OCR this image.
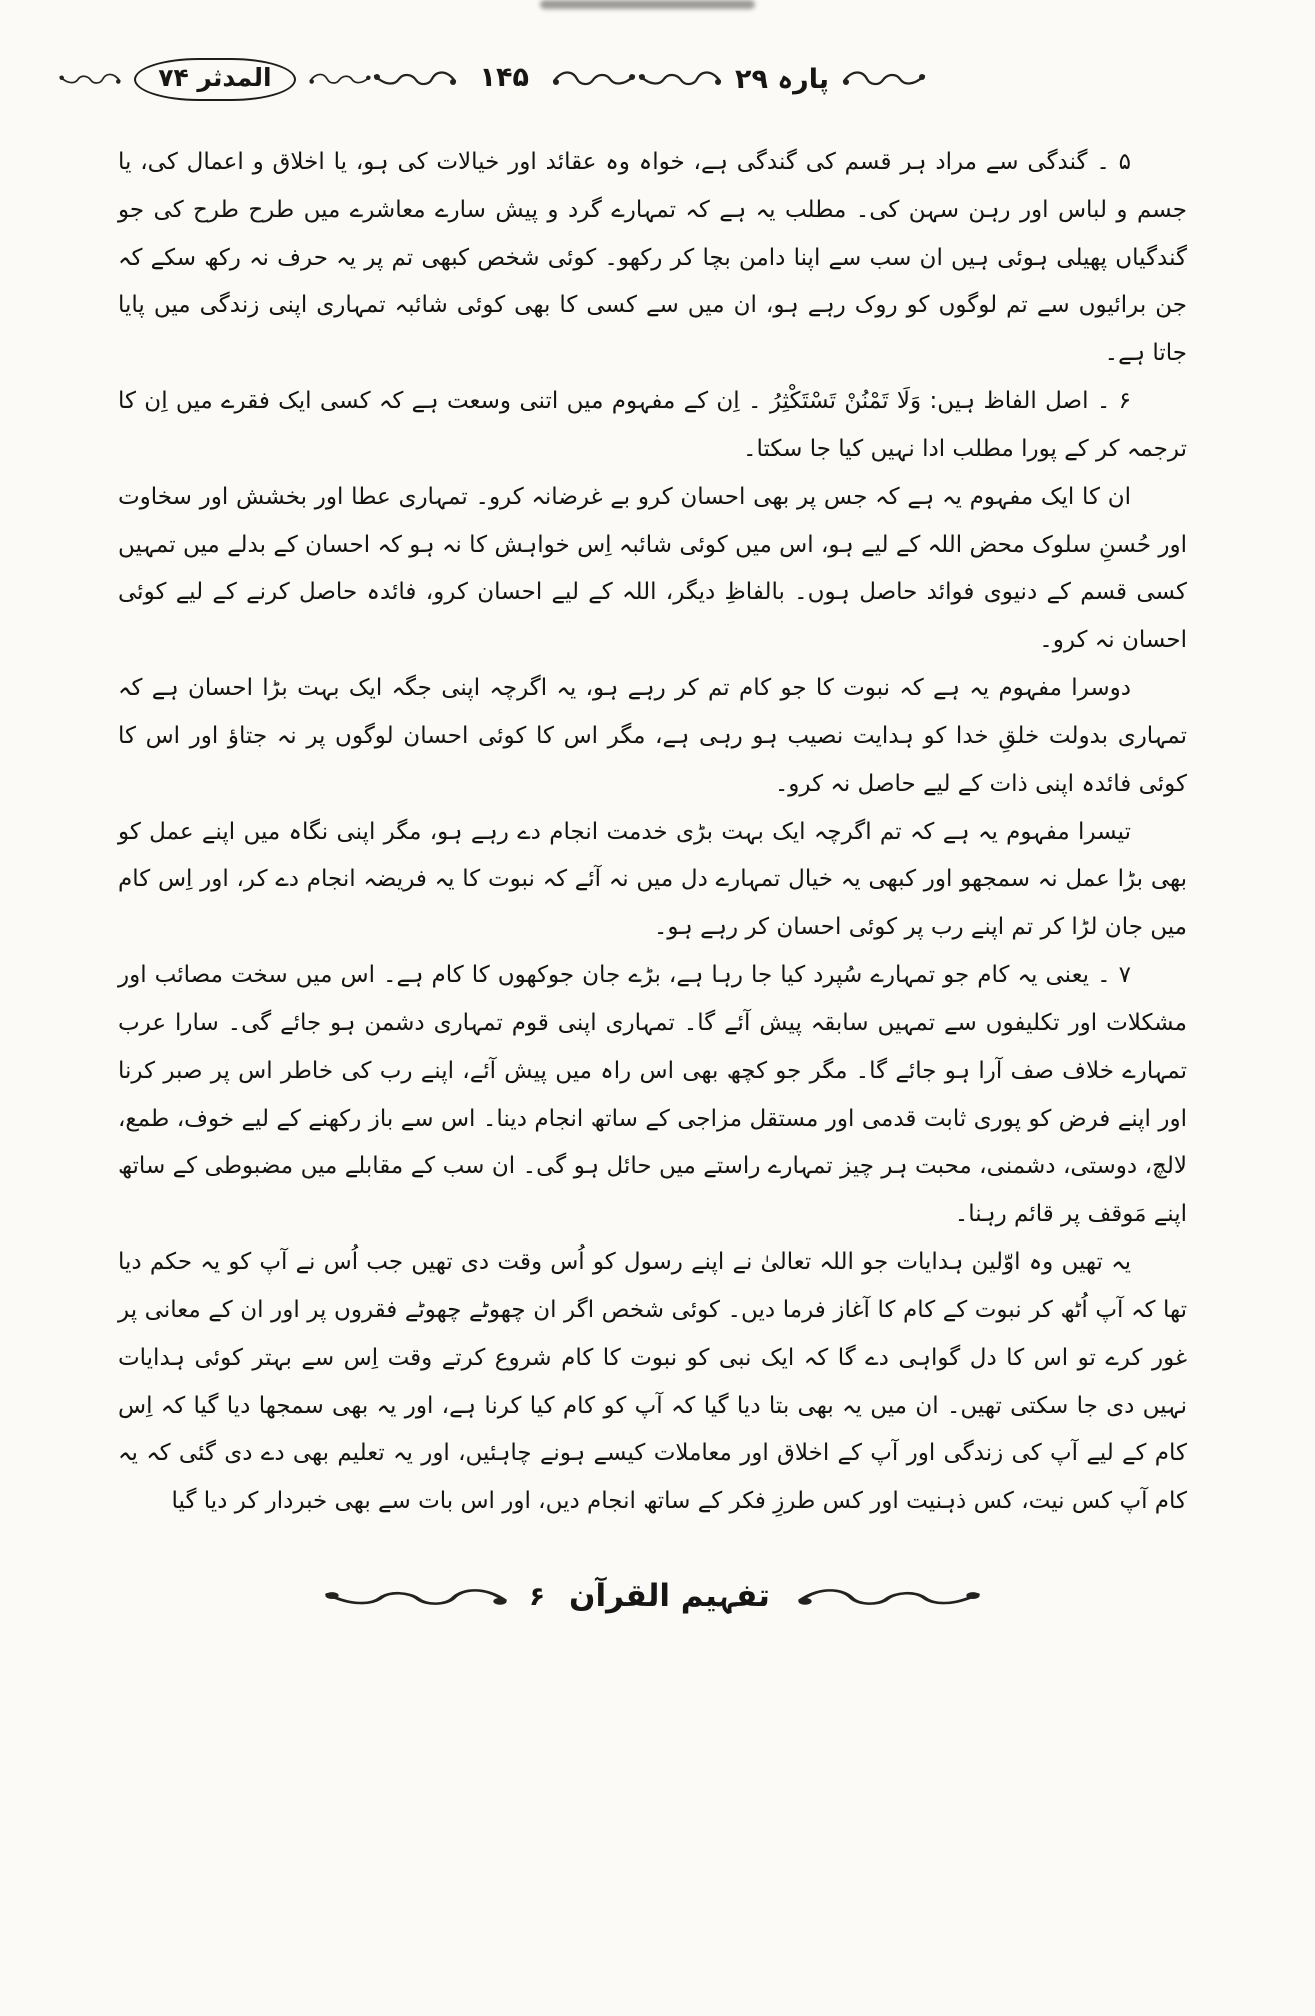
پارہ ۲۹
۱۴۵
المدثر ۷۴

۵ ۔ گندگی سے مراد ہر قسم کی گندگی ہے، خواہ وہ عقائد اور خیالات کی ہو، یا اخلاق و اعمال کی، یا جسم و لباس اور رہن سہن کی۔ مطلب یہ ہے کہ تمہارے گرد و پیش سارے معاشرے میں طرح طرح کی جو گندگیاں پھیلی ہوئی ہیں ان سب سے اپنا دامن بچا کر رکھو۔ کوئی شخص کبھی تم پر یہ حرف نہ رکھ سکے کہ جن برائیوں سے تم لوگوں کو روک رہے ہو، ان میں سے کسی کا بھی کوئی شائبہ تمہاری اپنی زندگی میں پایا جاتا ہے۔

۶ ۔ اصل الفاظ ہیں: وَلَا تَمْنُنْ تَسْتَکْثِرُ ۔ اِن کے مفہوم میں اتنی وسعت ہے کہ کسی ایک فقرے میں اِن کا ترجمہ کر کے پورا مطلب ادا نہیں کیا جا سکتا۔

ان کا ایک مفہوم یہ ہے کہ جس پر بھی احسان کرو بے غرضانہ کرو۔ تمہاری عطا اور بخشش اور سخاوت اور حُسنِ سلوک محض اللہ کے لیے ہو، اس میں کوئی شائبہ اِس خواہش کا نہ ہو کہ احسان کے بدلے میں تمہیں کسی قسم کے دنیوی فوائد حاصل ہوں۔ بالفاظِ دیگر، اللہ کے لیے احسان کرو، فائدہ حاصل کرنے کے لیے کوئی احسان نہ کرو۔

دوسرا مفہوم یہ ہے کہ نبوت کا جو کام تم کر رہے ہو، یہ اگرچہ اپنی جگہ ایک بہت بڑا احسان ہے کہ تمہاری بدولت خلقِ خدا کو ہدایت نصیب ہو رہی ہے، مگر اس کا کوئی احسان لوگوں پر نہ جتاؤ اور اس کا کوئی فائدہ اپنی ذات کے لیے حاصل نہ کرو۔

تیسرا مفہوم یہ ہے کہ تم اگرچہ ایک بہت بڑی خدمت انجام دے رہے ہو، مگر اپنی نگاہ میں اپنے عمل کو بھی بڑا عمل نہ سمجھو اور کبھی یہ خیال تمہارے دل میں نہ آئے کہ نبوت کا یہ فریضہ انجام دے کر، اور اِس کام میں جان لڑا کر تم اپنے رب پر کوئی احسان کر رہے ہو۔

۷ ۔ یعنی یہ کام جو تمہارے سُپرد کیا جا رہا ہے، بڑے جان جوکھوں کا کام ہے۔ اس میں سخت مصائب اور مشکلات اور تکلیفوں سے تمہیں سابقہ پیش آئے گا۔ تمہاری اپنی قوم تمہاری دشمن ہو جائے گی۔ سارا عرب تمہارے خلاف صف آرا ہو جائے گا۔ مگر جو کچھ بھی اس راہ میں پیش آئے، اپنے رب کی خاطر اس پر صبر کرنا اور اپنے فرض کو پوری ثابت قدمی اور مستقل مزاجی کے ساتھ انجام دینا۔ اس سے باز رکھنے کے لیے خوف، طمع، لالچ، دوستی، دشمنی، محبت ہر چیز تمہارے راستے میں حائل ہو گی۔ ان سب کے مقابلے میں مضبوطی کے ساتھ اپنے مَوقف پر قائم رہنا۔

یہ تھیں وہ اوّلین ہدایات جو اللہ تعالیٰ نے اپنے رسول کو اُس وقت دی تھیں جب اُس نے آپ کو یہ حکم دیا تھا کہ آپ اُٹھ کر نبوت کے کام کا آغاز فرما دیں۔ کوئی شخص اگر ان چھوٹے چھوٹے فقروں پر اور ان کے معانی پر غور کرے تو اس کا دل گواہی دے گا کہ ایک نبی کو نبوت کا کام شروع کرتے وقت اِس سے بہتر کوئی ہدایات نہیں دی جا سکتی تھیں۔ ان میں یہ بھی بتا دیا گیا کہ آپ کو کام کیا کرنا ہے، اور یہ بھی سمجھا دیا گیا کہ اِس کام کے لیے آپ کی زندگی اور آپ کے اخلاق اور معاملات کیسے ہونے چاہئیں، اور یہ تعلیم بھی دے دی گئی کہ یہ کام آپ کس نیت، کس ذہنیت اور کس طرزِ فکر کے ساتھ انجام دیں، اور اس بات سے بھی خبردار کر دیا گیا

تفہیم القرآن
۶
